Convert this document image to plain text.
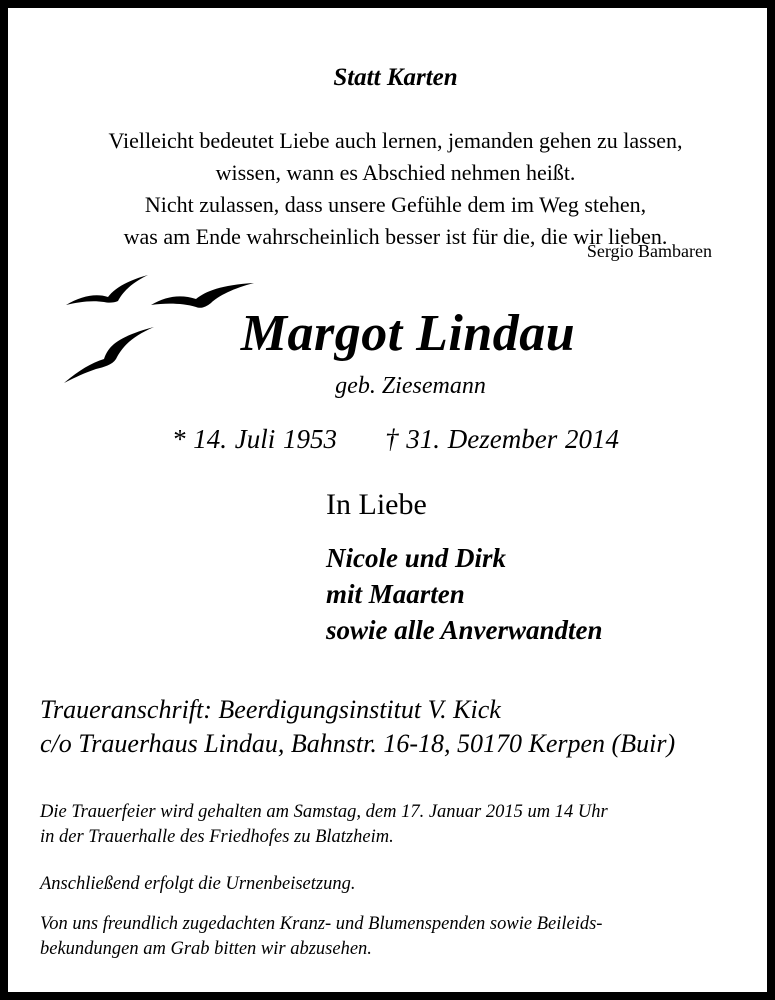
Statt Karten
Vielleicht bedeutet Liebe auch lernen, jemanden gehen zu lassen,
wissen, wann es Abschied nehmen heißt.
Nicht zulassen, dass unsere Gefühle dem im Weg stehen,
was am Ende wahrscheinlich besser ist für die, die wir lieben.
Sergio Bambaren
Margot Lindau
geb. Ziesemann
* 14. Juli 1953 † 31. Dezember 2014
In Liebe
Nicole und Dirk
mit Maarten
sowie alle Anverwandten
Traueranschrift: Beerdigungsinstitut V. Kick
c/o Trauerhaus Lindau, Bahnstr. 16-18, 50170 Kerpen (Buir)
Die Trauerfeier wird gehalten am Samstag, dem 17. Januar 2015 um 14 Uhr
in der Trauerhalle des Friedhofes zu Blatzheim.
Anschließend erfolgt die Urnenbeisetzung.
Von uns freundlich zugedachten Kranz- und Blumenspenden sowie Beileids-
bekundungen am Grab bitten wir abzusehen.
